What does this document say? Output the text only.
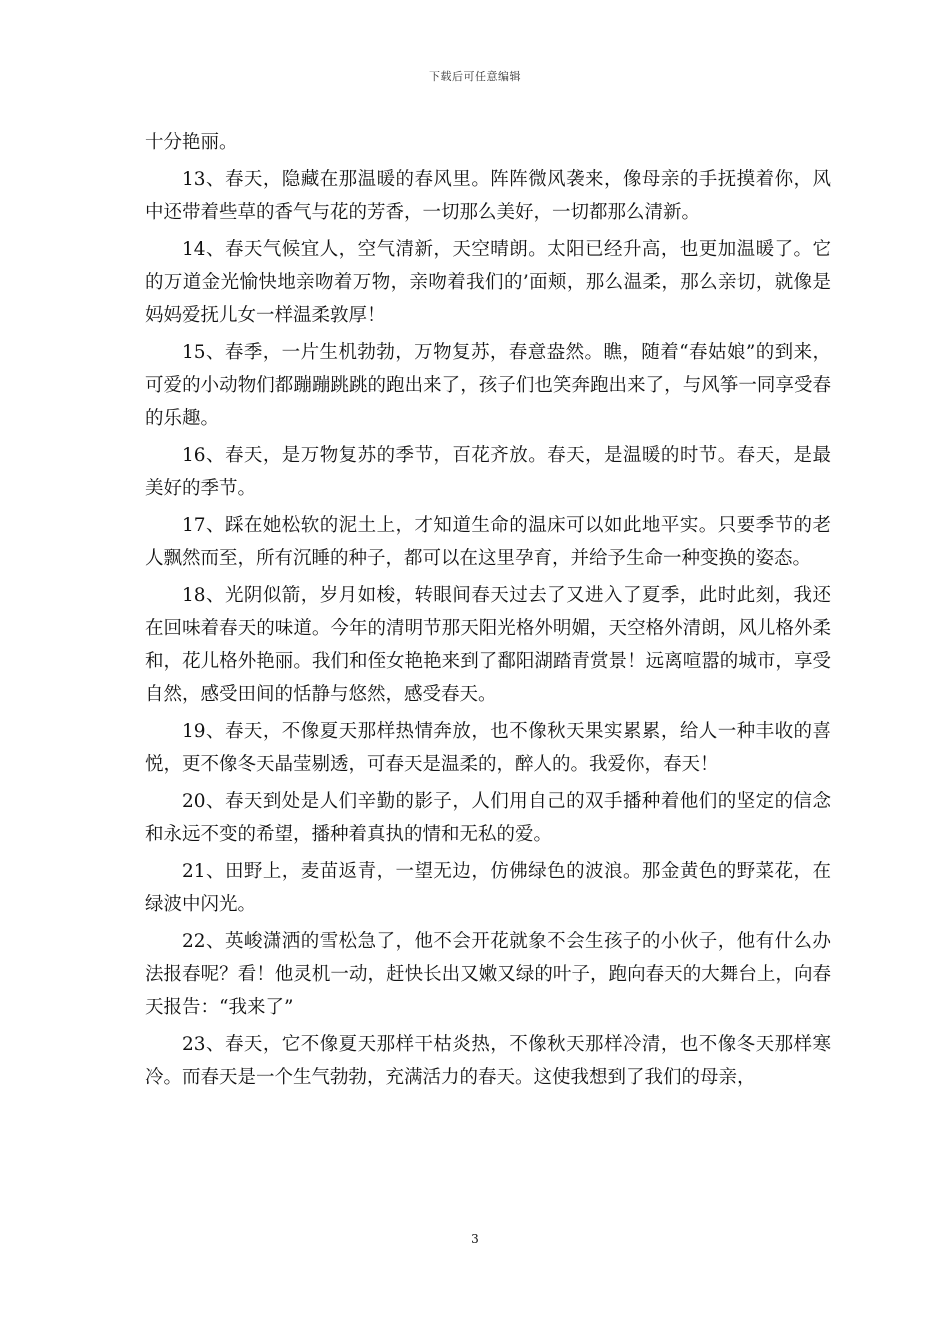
下载后可任意编辑

十分艳丽。

13、春天，隐藏在那温暖的春风里。阵阵微风袭来，像母亲的手抚摸着你，风中还带着些草的香气与花的芳香，一切那么美好，一切都那么清新。

14、春天气候宜人，空气清新，天空晴朗。太阳已经升高，也更加温暖了。它的万道金光愉快地亲吻着万物，亲吻着我们的’面颊，那么温柔，那么亲切，就像是妈妈爱抚儿女一样温柔敦厚！

15、春季，一片生机勃勃，万物复苏，春意盎然。瞧，随着“春姑娘”的到来，可爱的小动物们都蹦蹦跳跳的跑出来了，孩子们也笑奔跑出来了，与风筝一同享受春的乐趣。

16、春天，是万物复苏的季节，百花齐放。春天，是温暖的时节。春天，是最美好的季节。

17、踩在她松软的泥土上，才知道生命的温床可以如此地平实。只要季节的老人飘然而至，所有沉睡的种子，都可以在这里孕育，并给予生命一种变换的姿态。

18、光阴似箭，岁月如梭，转眼间春天过去了又进入了夏季，此时此刻，我还在回味着春天的味道。今年的清明节那天阳光格外明媚，天空格外清朗，风儿格外柔和，花儿格外艳丽。我们和侄女艳艳来到了鄱阳湖踏青赏景！远离喧嚣的城市，享受自然，感受田间的恬静与悠然，感受春天。

19、春天，不像夏天那样热情奔放，也不像秋天果实累累，给人一种丰收的喜悦，更不像冬天晶莹剔透，可春天是温柔的，醉人的。我爱你，春天！

20、春天到处是人们辛勤的影子，人们用自己的双手播种着他们的坚定的信念和永远不变的希望，播种着真执的情和无私的爱。

21、田野上，麦苗返青，一望无边，仿佛绿色的波浪。那金黄色的野菜花，在绿波中闪光。

22、英峻潇洒的雪松急了，他不会开花就象不会生孩子的小伙子，他有什么办法报春呢？看！他灵机一动，赶快长出又嫩又绿的叶子，跑向春天的大舞台上，向春天报告：“我来了”

23、春天，它不像夏天那样干枯炎热，不像秋天那样冷清，也不像冬天那样寒冷。而春天是一个生气勃勃，充满活力的春天。这使我想到了我们的母亲，

3
